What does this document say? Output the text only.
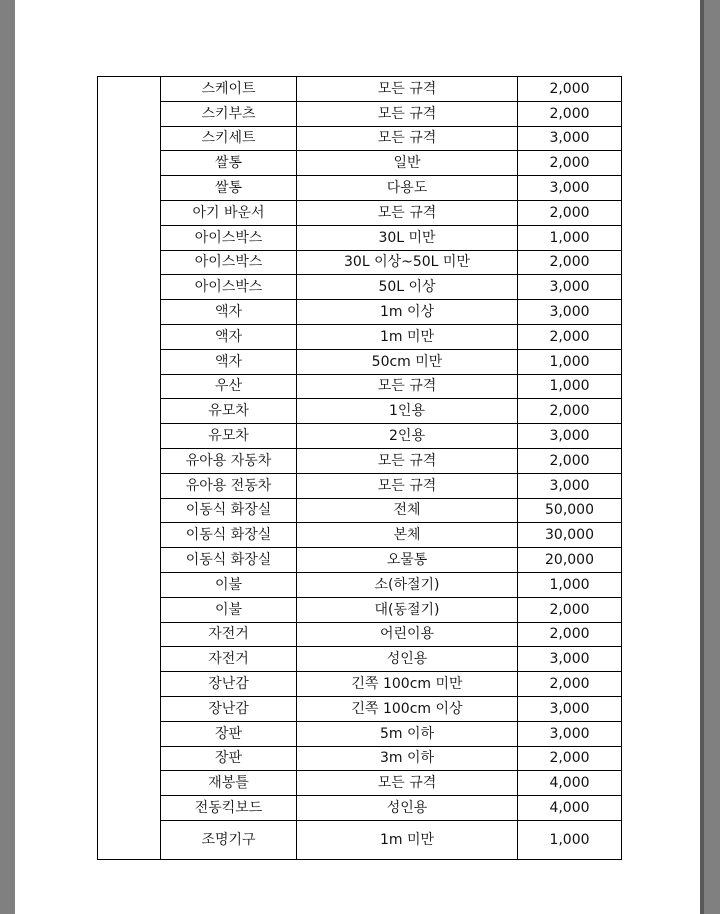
	스케이트	모든 규격	2,000
	스키부츠	모든 규격	2,000
	스키세트	모든 규격	3,000
	쌀통	일반	2,000
	쌀통	다용도	3,000
	아기 바운서	모든 규격	2,000
	아이스박스	30L 미만	1,000
	아이스박스	30L 이상~50L 미만	2,000
	아이스박스	50L 이상	3,000
	액자	1m 이상	3,000
	액자	1m 미만	2,000
	액자	50cm 미만	1,000
	우산	모든 규격	1,000
	유모차	1인용	2,000
	유모차	2인용	3,000
	유아용 자동차	모든 규격	2,000
	유아용 전동차	모든 규격	3,000
	이동식 화장실	전체	50,000
	이동식 화장실	본체	30,000
	이동식 화장실	오물통	20,000
	이불	소(하절기)	1,000
	이불	대(동절기)	2,000
	자전거	어린이용	2,000
	자전거	성인용	3,000
	장난감	긴쪽 100cm 미만	2,000
	장난감	긴쪽 100cm 이상	3,000
	장판	5m 이하	3,000
	장판	3m 이하	2,000
	재봉틀	모든 규격	4,000
	전동킥보드	성인용	4,000
	조명기구	1m 미만	1,000
